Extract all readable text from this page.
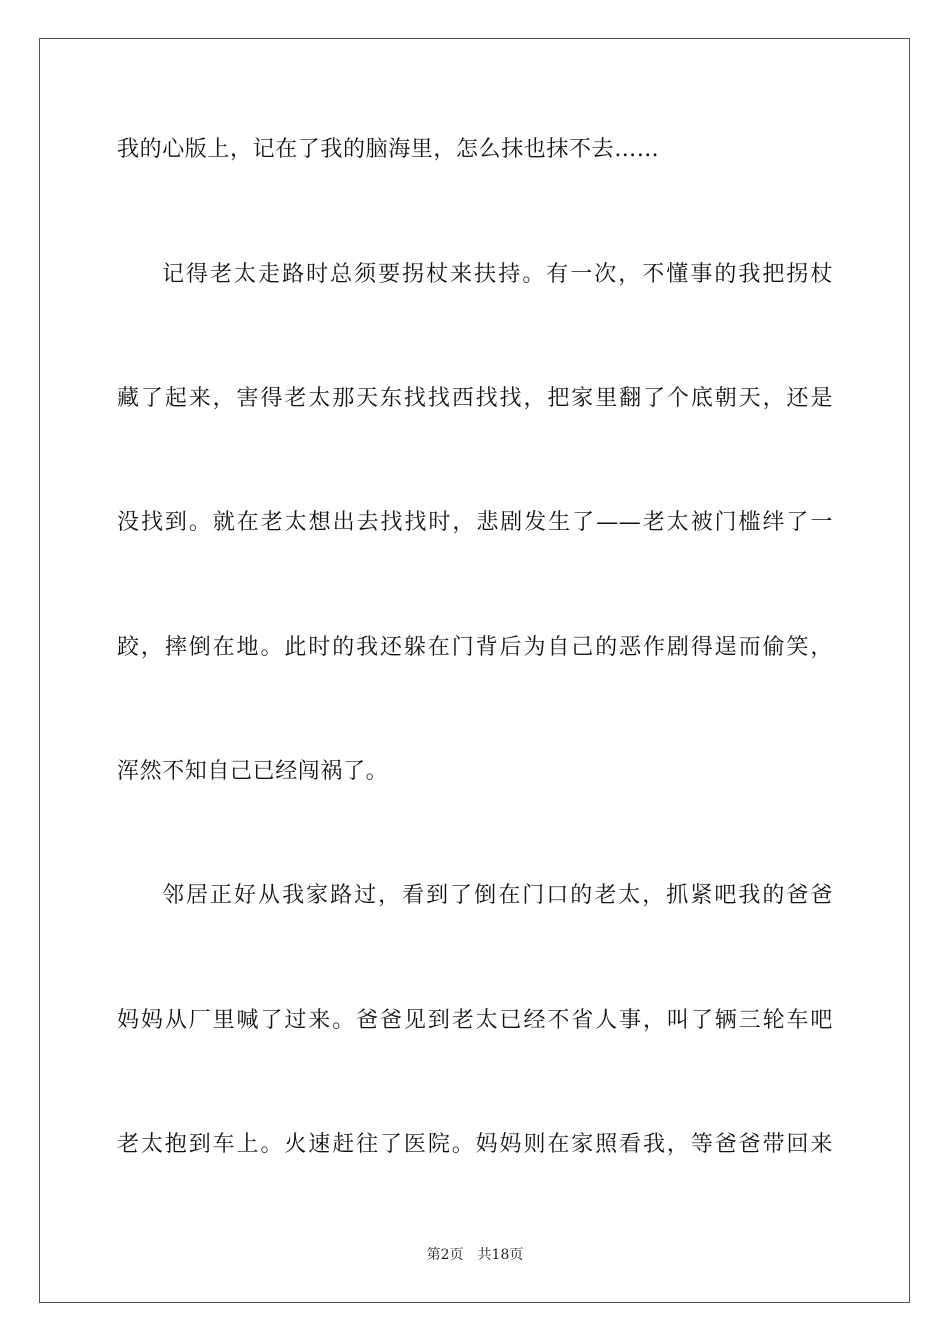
我的心版上，记在了我的脑海里，怎么抹也抹不去……
记得老太走路时总须要拐杖来扶持。有一次，不懂事的我把拐杖
藏了起来，害得老太那天东找找西找找，把家里翻了个底朝天，还是
没找到。就在老太想出去找找时，悲剧发生了——老太被门槛绊了一
跤，摔倒在地。此时的我还躲在门背后为自己的恶作剧得逞而偷笑，
浑然不知自己已经闯祸了。
邻居正好从我家路过，看到了倒在门口的老太，抓紧吧我的爸爸
妈妈从厂里喊了过来。爸爸见到老太已经不省人事，叫了辆三轮车吧
老太抱到车上。火速赶往了医院。妈妈则在家照看我，等爸爸带回来
第2页 共18页
